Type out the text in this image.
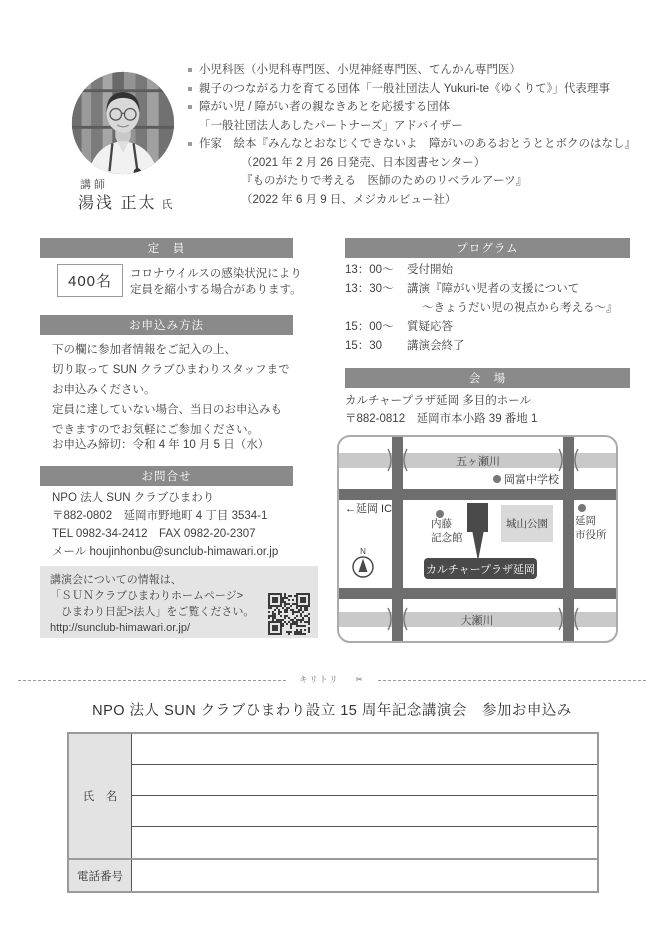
講師
湯浅 正太 氏
小児科医（小児科専門医、小児神経専門医、てんかん専門医）
親子のつながる力を育てる団体「一般社団法人 Yukuri-te《ゆくりて》」代表理事
障がい児 / 障がい者の親なきあとを応援する団体
「一般社団法人あしたパートナーズ」アドバイザー
作家　絵本『みんなとおなじくできないよ　障がいのあるおとうととボクのはなし』
（2021 年 2 月 26 日発売、日本図書センター）
『ものがたりで考える　医師のためのリベラルアーツ』
（2022 年 6 月 9 日、メジカルビュー社）
定　員
400名	コロナウイルスの感染状況により
定員を縮小する場合があります。
お申込み方法
下の欄に参加者情報をご記入の上、
切り取って SUN クラブひまわりスタッフまで
お申込みください。
定員に達していない場合、当日のお申込みも
できますのでお気軽にご参加ください。
お申込み締切：令和 4 年 10 月 5 日（水）
お問合せ
NPO 法人 SUN クラブひまわり
〒882-0802　延岡市野地町 4 丁目 3534-1
TEL 0982-34-2412　FAX 0982-20-2307
メール houjinhonbu@sunclub-himawari.or.jp
講演会についての情報は、
「ＳＵＮクラブひまわりホームページ>
　ひまわり日記>法人」をご覧ください。
http://sunclub-himawari.or.jp/
プログラム
13：00～	受付開始
13：30～	講演『障がい児者の支援について
～きょうだい児の視点から考える～』
15：00～	質疑応答
15：30	講演会終了
会　場
カルチャープラザ延岡 多目的ホール
〒882-0812　延岡市本小路 39 番地 1
五ヶ瀬川
大瀬川
岡富中学校
←延岡 IC
内藤
記念館
城山公園	延岡
市役所
カルチャープラザ延岡
N
キリトリ ✂
NPO 法人 SUN クラブひまわり設立 15 周年記念講演会　参加お申込み
氏　名
電話番号
